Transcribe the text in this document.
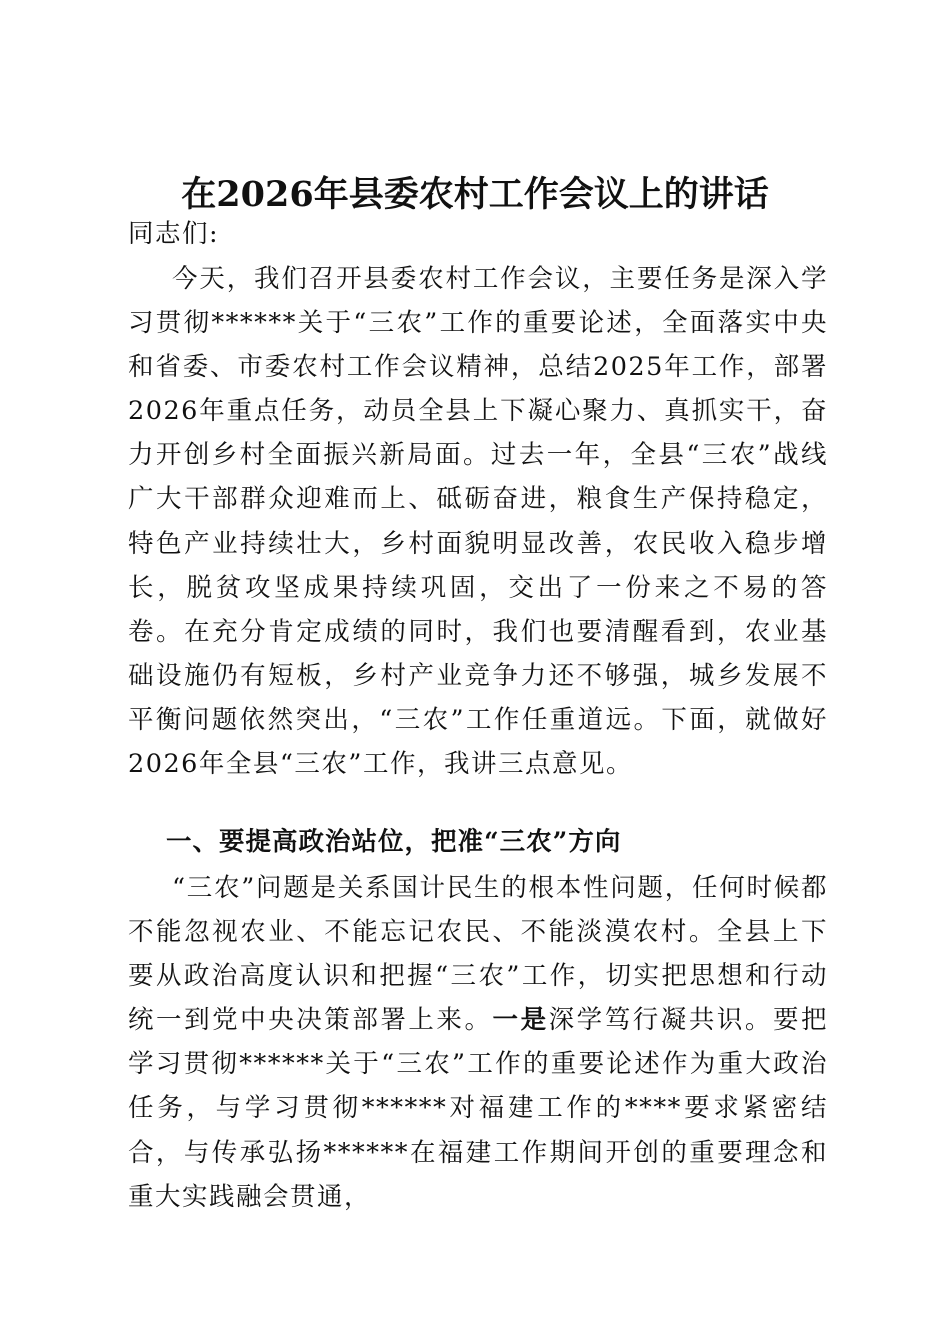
在2026年县委农村工作会议上的讲话
同志们:
今天，我们召开县委农村工作会议，主要任务是深入学习贯彻******关于“三农”工作的重要论述，全面落实中央和省委、市委农村工作会议精神，总结2025年工作，部署2026年重点任务，动员全县上下凝心聚力、真抓实干，奋力开创乡村全面振兴新局面。过去一年，全县“三农”战线广大干部群众迎难而上、砥砺奋进，粮食生产保持稳定，特色产业持续壮大，乡村面貌明显改善，农民收入稳步增长，脱贫攻坚成果持续巩固，交出了一份来之不易的答卷。在充分肯定成绩的同时，我们也要清醒看到，农业基础设施仍有短板，乡村产业竞争力还不够强，城乡发展不平衡问题依然突出，“三农”工作任重道远。下面，就做好2026年全县“三农”工作，我讲三点意见。
一、要提高政治站位，把准“三农”方向
“三农”问题是关系国计民生的根本性问题，任何时候都不能忽视农业、不能忘记农民、不能淡漠农村。全县上下要从政治高度认识和把握“三农”工作，切实把思想和行动统一到党中央决策部署上来。一是深学笃行凝共识。要把学习贯彻******关于“三农”工作的重要论述作为重大政治任务，与学习贯彻******对福建工作的****要求紧密结合，与传承弘扬******在福建工作期间开创的重要理念和重大实践融会贯通，
